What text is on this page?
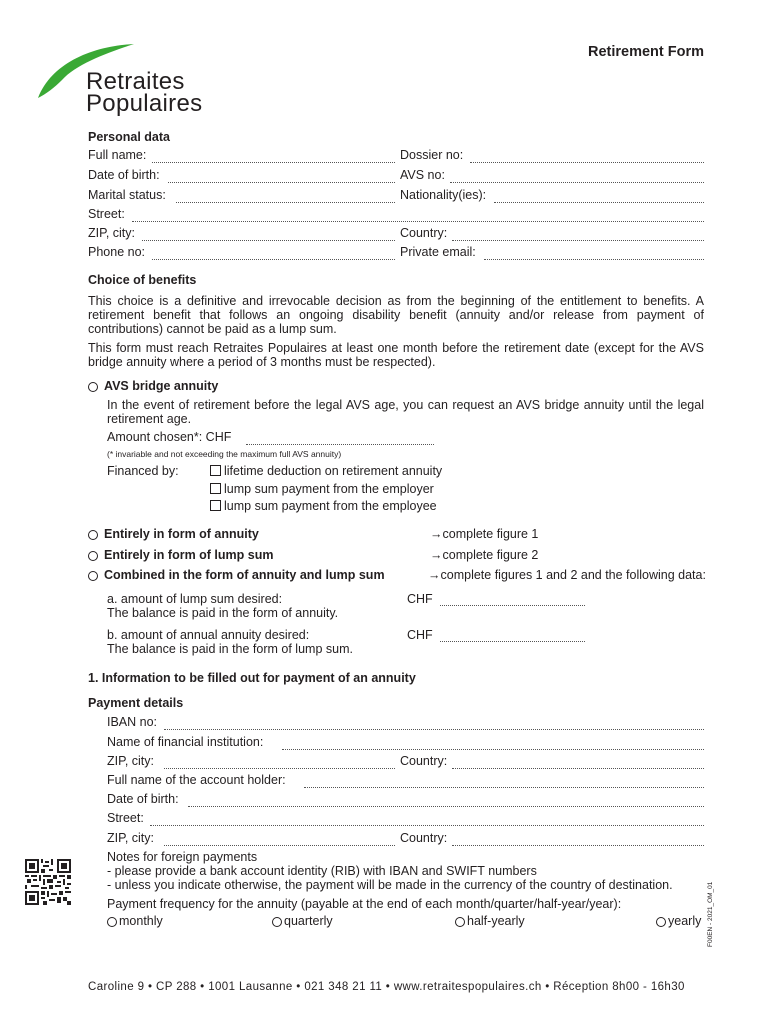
Retraites
Populaires
Retirement Form
Personal data
Full name:	Dossier no:
Date of birth:	AVS no:
Marital status:	Nationality(ies):
Street:
ZIP, city:	Country:
Phone no:	Private email:
Choice of benefits
This choice is a definitive and irrevocable decision as from the beginning of the entitlement to benefits. A retirement benefit that follows an ongoing disability benefit (annuity and/or release from payment of contributions) cannot be paid as a lump sum.
This form must reach Retraites Populaires at least one month before the retirement date (except for the AVS bridge annuity where a period of 3 months must be respected).
AVS bridge annuity
In the event of retirement before the legal AVS age, you can request an AVS bridge annuity until the legal retirement age.
Amount chosen*: CHF
(* invariable and not exceeding the maximum full AVS annuity)
Financed by:	lifetime deduction on retirement annuity
lump sum payment from the employer
lump sum payment from the employee
Entirely in form of annuity	→complete figure 1
Entirely in form of lump sum	→complete figure 2
Combined in the form of annuity and lump sum	→complete figures 1 and 2 and the following data:
a. amount of lump sum desired:
The balance is paid in the form of annuity.
CHF
b. amount of annual annuity desired:
The balance is paid in the form of lump sum.
CHF
1. Information to be filled out for payment of an annuity
Payment details
IBAN no:
Name of financial institution:
ZIP, city:	Country:
Full name of the account holder:
Date of birth:
Street:
ZIP, city:	Country:
Notes for foreign payments
- please provide a bank account identity (RIB) with IBAN and SWIFT numbers
- unless you indicate otherwise, the payment will be made in the currency of the country of destination.
Payment frequency for the annuity (payable at the end of each month/quarter/half-year/year):
monthly	quarterly	half-yearly	yearly F00EN - 2021_OM_01
Caroline 9 • CP 288 • 1001 Lausanne • 021 348 21 11 • www.retraitespopulaires.ch • Réception 8h00 - 16h30
